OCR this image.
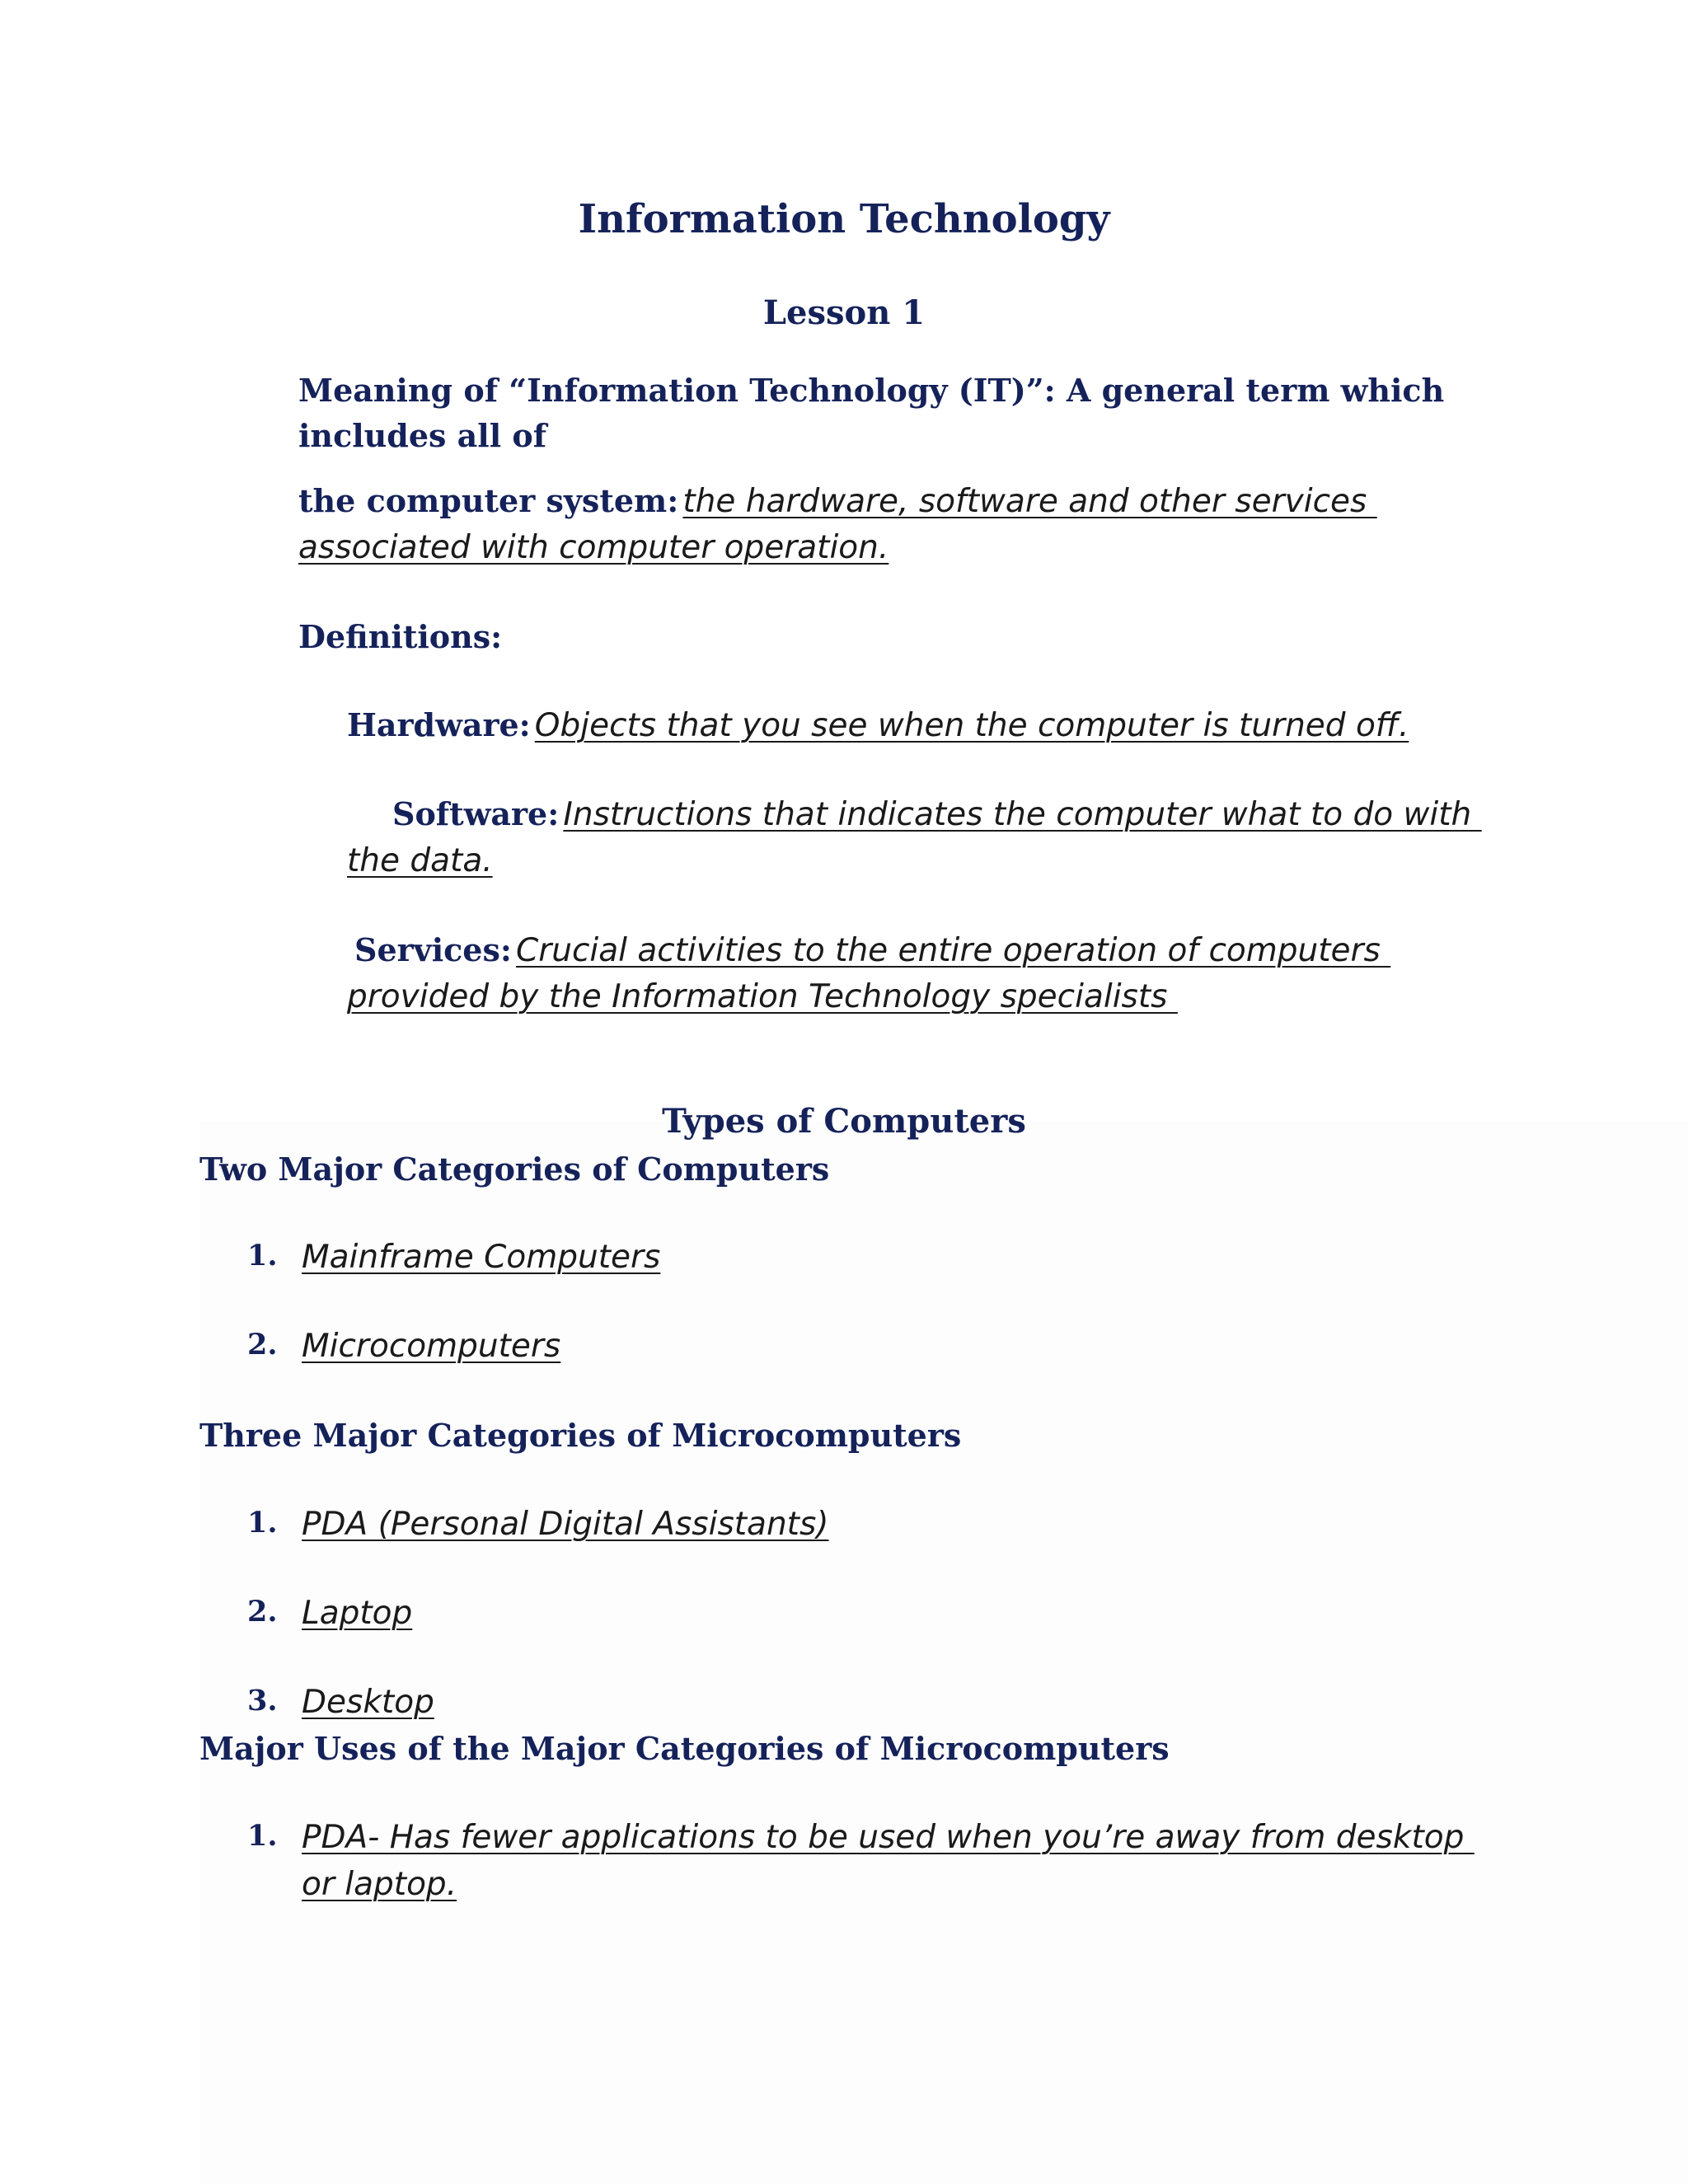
Information Technology
Lesson 1
Meaning of “Information Technology (IT)”: A general term which
includes all of
the computer system: the hardware, software and other services
associated with computer operation.
Definitions:
Hardware: Objects that you see when the computer is turned off.
Software: Instructions that indicates the computer what to do with
the data.
Services: Crucial activities to the entire operation of computers
provided by the Information Technology specialists
Types of Computers
Two Major Categories of Computers
1. Mainframe Computers
2. Microcomputers
Three Major Categories of Microcomputers
1. PDA (Personal Digital Assistants)
2. Laptop
3. Desktop
Major Uses of the Major Categories of Microcomputers
1. PDA- Has fewer applications to be used when you’re away from desktop
or laptop.
